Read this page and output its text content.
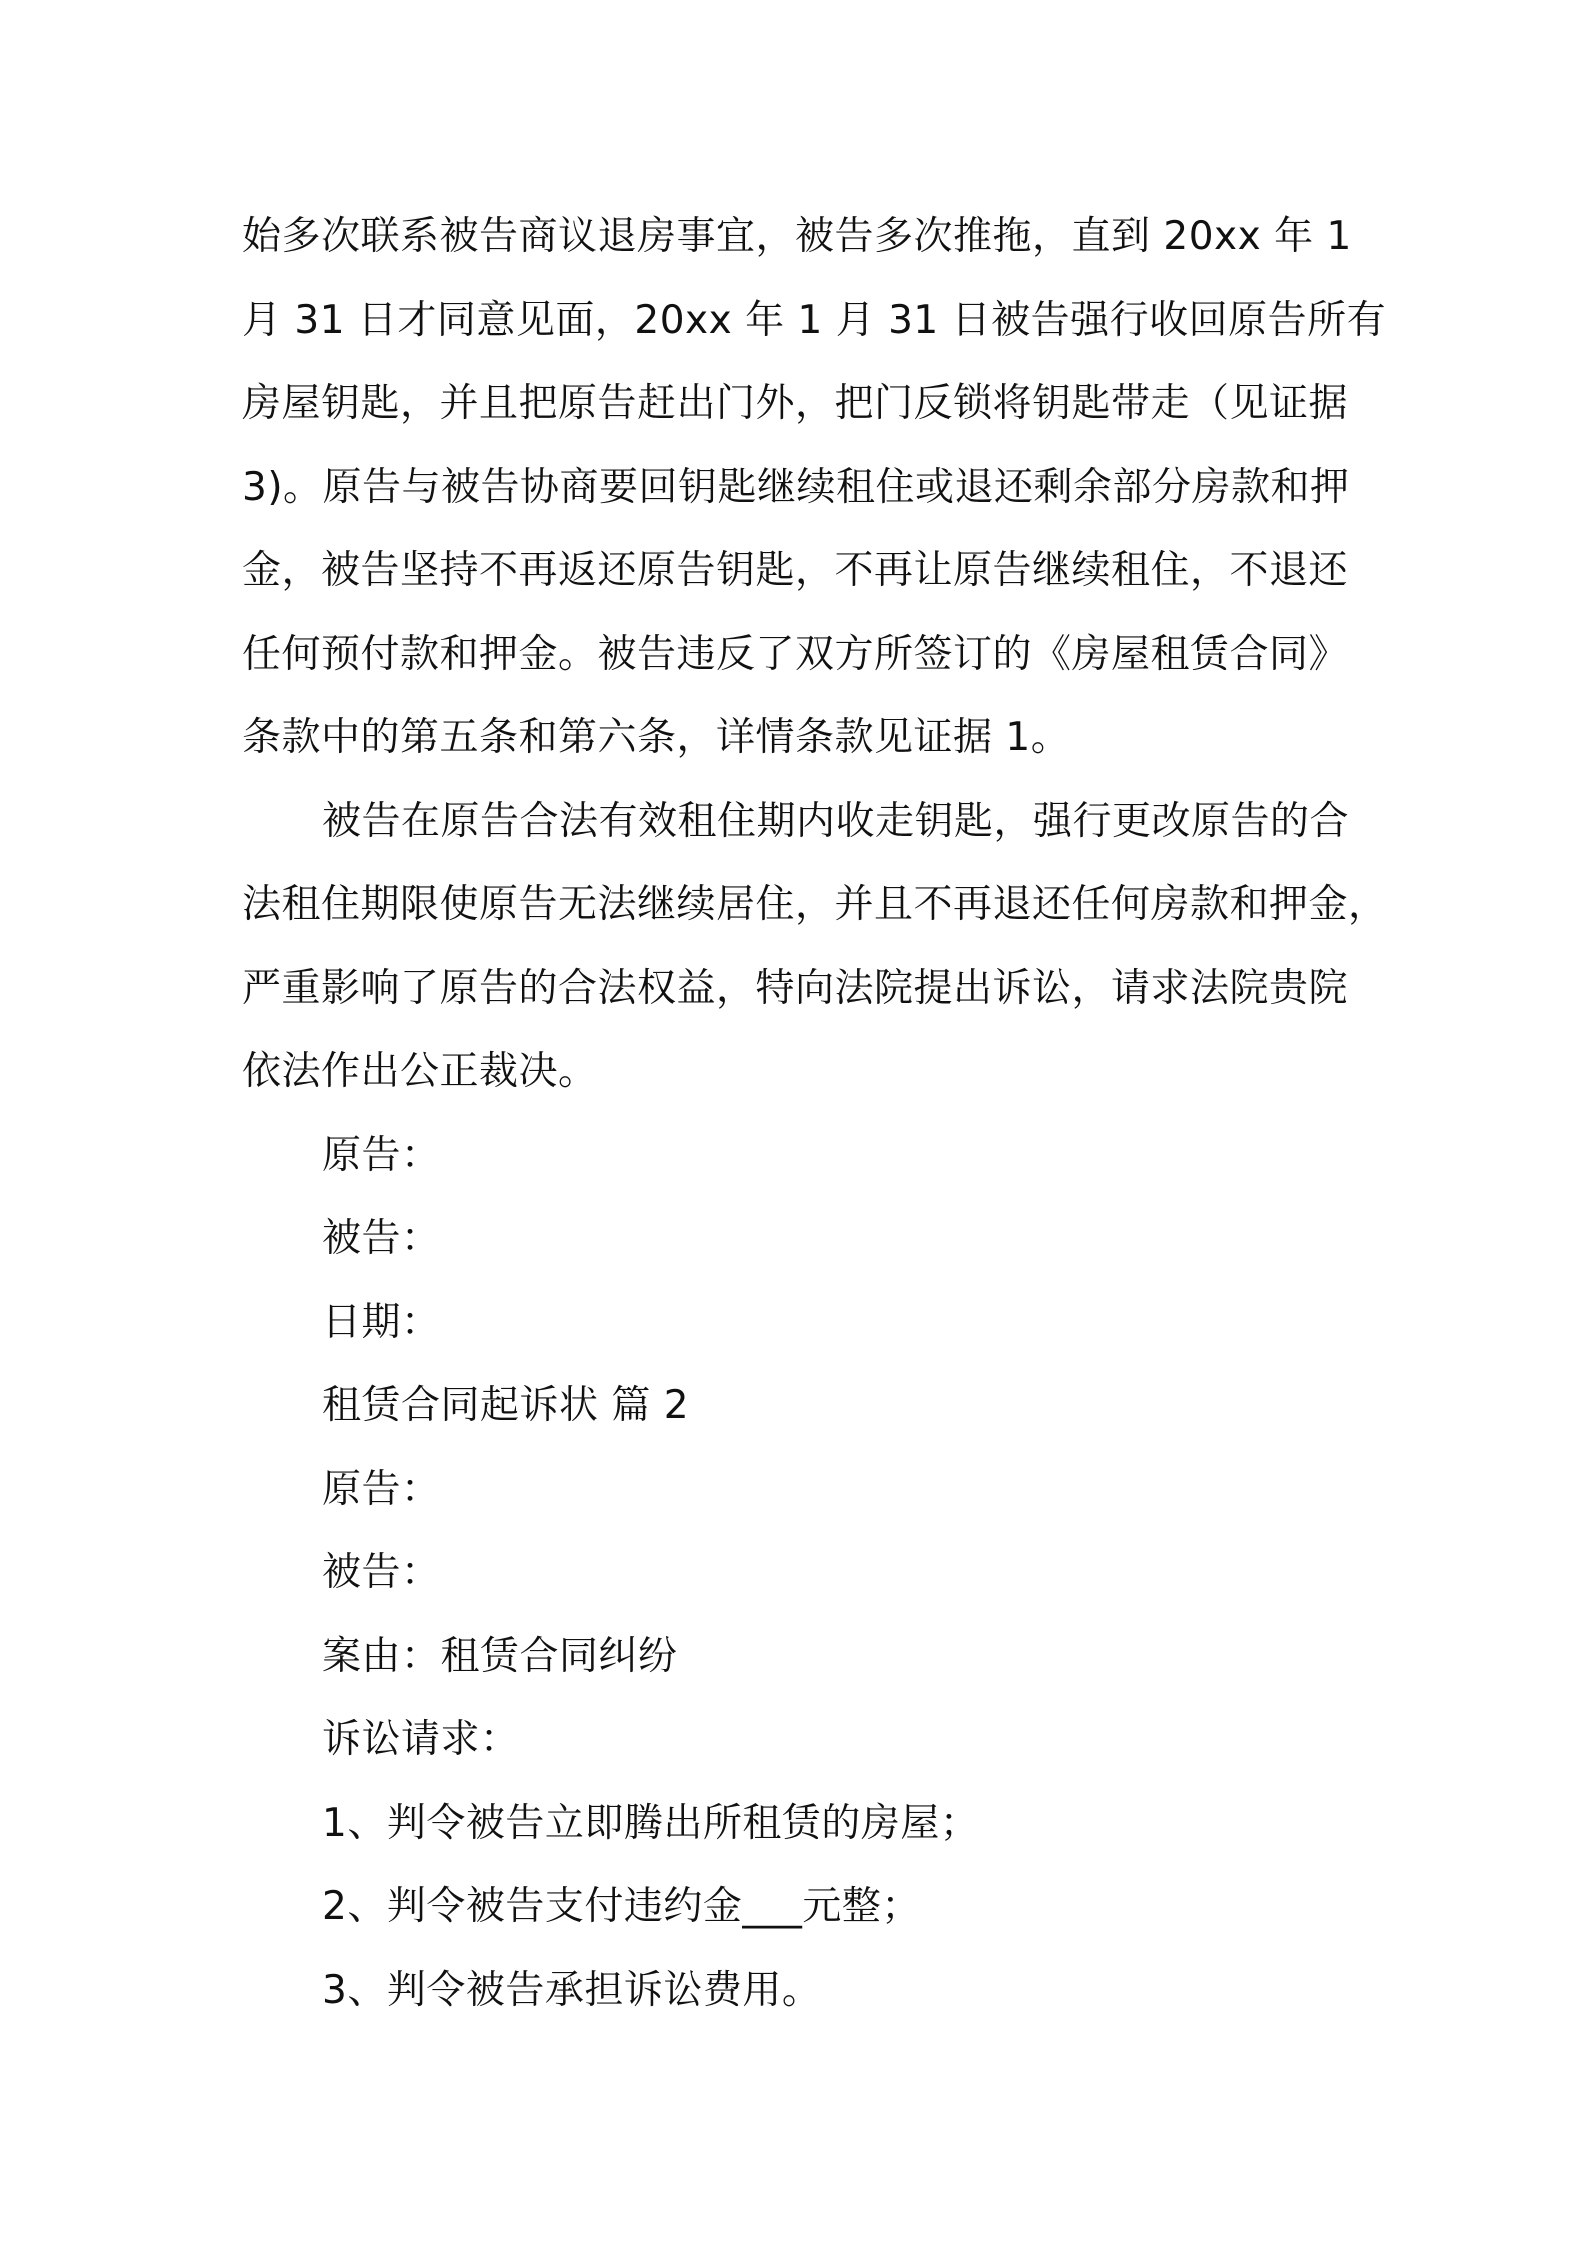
始多次联系被告商议退房事宜，被告多次推拖，直到 20xx 年 1
月 31 日才同意见面，20xx 年 1 月 31 日被告强行收回原告所有
房屋钥匙，并且把原告赶出门外，把门反锁将钥匙带走（见证据
3)。原告与被告协商要回钥匙继续租住或退还剩余部分房款和押
金，被告坚持不再返还原告钥匙，不再让原告继续租住，不退还
任何预付款和押金。被告违反了双方所签订的《房屋租赁合同》
条款中的第五条和第六条，详情条款见证据 1。
被告在原告合法有效租住期内收走钥匙，强行更改原告的合
法租住期限使原告无法继续居住，并且不再退还任何房款和押金，
严重影响了原告的合法权益，特向法院提出诉讼，请求法院贵院
依法作出公正裁决。
原告：
被告：
日期：
租赁合同起诉状 篇 2
原告：
被告：
案由：租赁合同纠纷
诉讼请求：
1、判令被告立即腾出所租赁的房屋；
2、判令被告支付违约金___元整；
3、判令被告承担诉讼费用。
